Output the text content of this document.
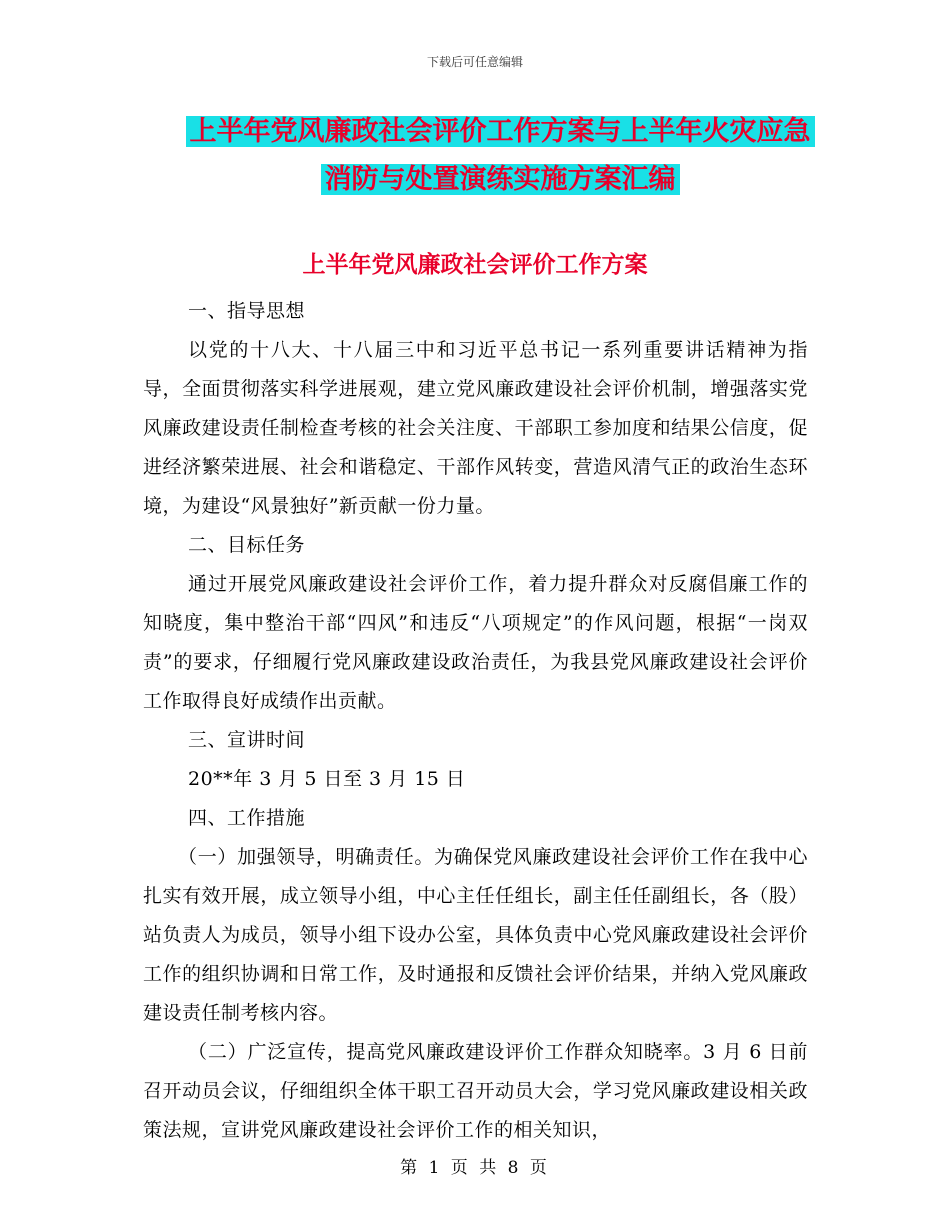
下载后可任意编辑
上半年党风廉政社会评价工作方案与上半年火灾应急
消防与处置演练实施方案汇编
上半年党风廉政社会评价工作方案

一、指导思想

以党的十八大、十八届三中和习近平总书记一系列重要讲话精神为指导，全面贯彻落实科学进展观，建立党风廉政建设社会评价机制，增强落实党风廉政建设责任制检查考核的社会关注度、干部职工参加度和结果公信度，促进经济繁荣进展、社会和谐稳定、干部作风转变，营造风清气正的政治生态环境，为建设“风景独好”新贡献一份力量。

二、目标任务

通过开展党风廉政建设社会评价工作，着力提升群众对反腐倡廉工作的知晓度，集中整治干部“四风”和违反“八项规定”的作风问题，根据“一岗双责”的要求，仔细履行党风廉政建设政治责任，为我县党风廉政建设社会评价工作取得良好成绩作出贡献。

三、宣讲时间

20**年 3 月 5 日至 3 月 15 日

四、工作措施

（一）加强领导，明确责任。为确保党风廉政建设社会评价工作在我中心扎实有效开展，成立领导小组，中心主任任组长，副主任任副组长，各（股）站负责人为成员，领导小组下设办公室，具体负责中心党风廉政建设社会评价工作的组织协调和日常工作，及时通报和反馈社会评价结果，并纳入党风廉政建设责任制考核内容。

（二）广泛宣传，提高党风廉政建设评价工作群众知晓率。3 月 6 日前召开动员会议，仔细组织全体干职工召开动员大会，学习党风廉政建设相关政策法规，宣讲党风廉政建设社会评价工作的相关知识，

第 1 页 共 8 页
